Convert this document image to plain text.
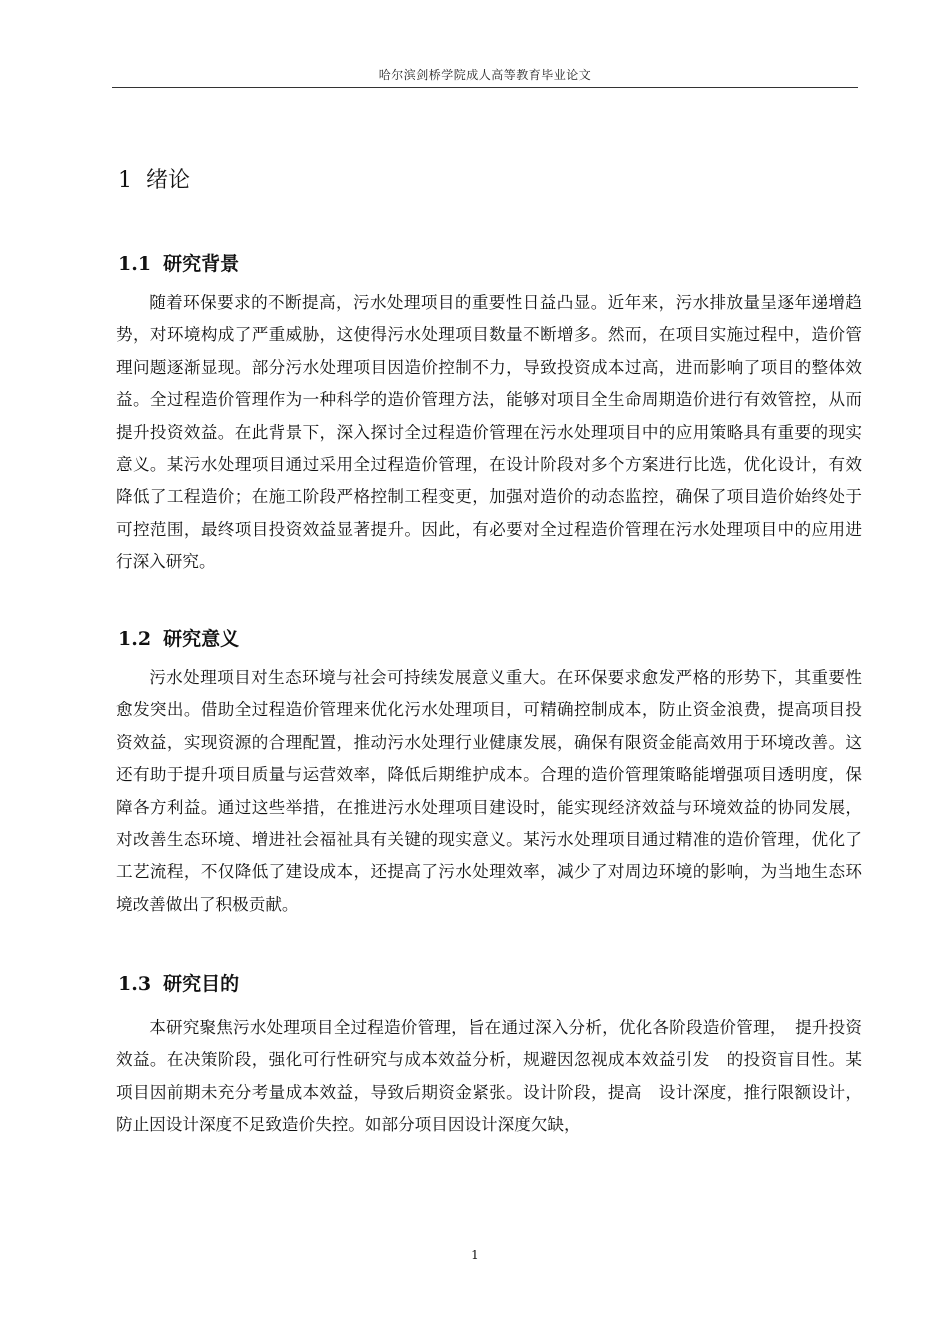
哈尔滨剑桥学院成人高等教育毕业论文
1 绪论
1.1 研究背景

随着环保要求的不断提高，污水处理项目的重要性日益凸显。近年来，污水排放量呈逐年递增趋势，对环境构成了严重威胁，这使得污水处理项目数量不断增多。然而，在项目实施过程中，造价管理问题逐渐显现。部分污水处理项目因造价控制不力，导致投资成本过高，进而影响了项目的整体效益。全过程造价管理作为一种科学的造价管理方法，能够对项目全生命周期造价进行有效管控，从而提升投资效益。在此背景下，深入探讨全过程造价管理在污水处理项目中的应用策略具有重要的现实意义。某污水处理项目通过采用全过程造价管理，在设计阶段对多个方案进行比选，优化设计，有效降低了工程造价；在施工阶段严格控制工程变更，加强对造价的动态监控，确保了项目造价始终处于可控范围，最终项目投资效益显著提升。因此，有必要对全过程造价管理在污水处理项目中的应用进行深入研究。

1.2 研究意义

污水处理项目对生态环境与社会可持续发展意义重大。在环保要求愈发严格的形势下，其重要性愈发突出。借助全过程造价管理来优化污水处理项目，可精确控制成本，防止资金浪费，提高项目投资效益，实现资源的合理配置，推动污水处理行业健康发展，确保有限资金能高效用于环境改善。这还有助于提升项目质量与运营效率，降低后期维护成本。合理的造价管理策略能增强项目透明度，保障各方利益。通过这些举措，在推进污水处理项目建设时，能实现经济效益与环境效益的协同发展，对改善生态环境、增进社会福祉具有关键的现实意义。某污水处理项目通过精准的造价管理，优化了工艺流程，不仅降低了建设成本，还提高了污水处理效率，减少了对周边环境的影响，为当地生态环境改善做出了积极贡献。

1.3 研究目的

本研究聚焦污水处理项目全过程造价管理，旨在通过深入分析，优化各阶段造价管理，　提升投资效益。在决策阶段，强化可行性研究与成本效益分析，规避因忽视成本效益引发　的投资盲目性。某项目因前期未充分考量成本效益，导致后期资金紧张。设计阶段，提高　设计深度，推行限额设计，防止因设计深度不足致造价失控。如部分项目因设计深度欠缺，

1
